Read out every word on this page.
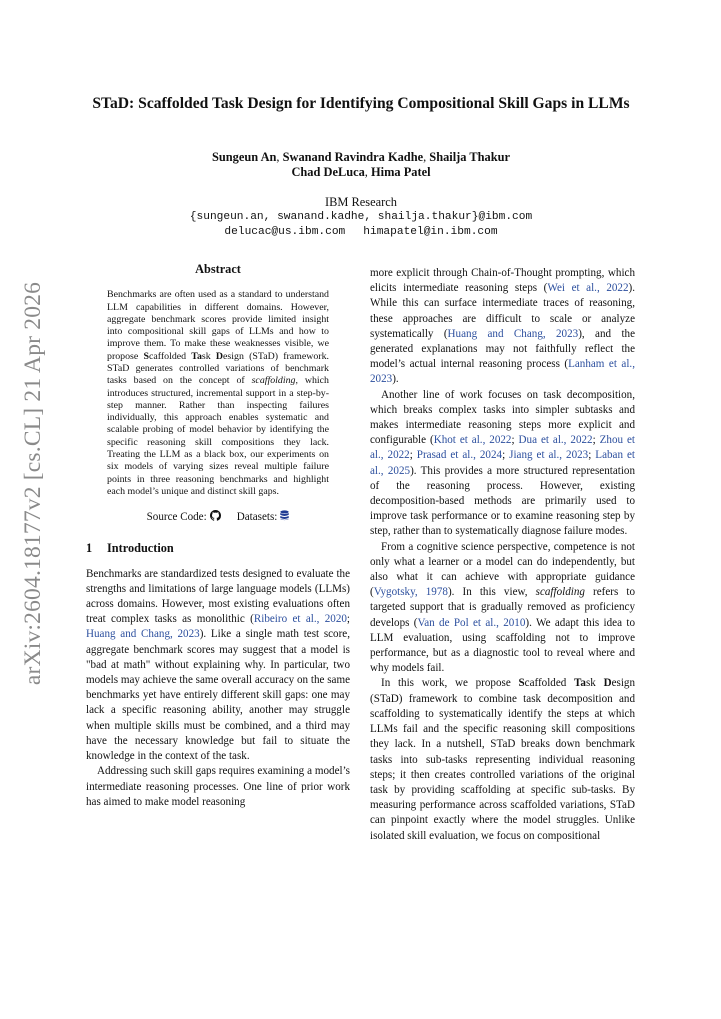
arXiv:2604.18177v2 [cs.CL] 21 Apr 2026
STaD: Scaffolded Task Design for Identifying Compositional Skill Gaps in LLMs
Sungeun An, Swanand Ravindra Kadhe, Shailja Thakur
Chad DeLuca, Hima Patel
IBM Research
{sungeun.an, swanand.kadhe, shailja.thakur}@ibm.com
delucac@us.ibm.com himapatel@in.ibm.com
Abstract
Benchmarks are often used as a standard to understand LLM capabilities in different domains. However, aggregate benchmark scores provide limited insight into compositional skill gaps of LLMs and how to improve them. To make these weaknesses visible, we propose Scaffolded Task Design (STaD) framework. STaD generates controlled variations of benchmark tasks based on the concept of scaffolding, which introduces structured, incremental support in a step-by-step manner. Rather than inspecting failures individually, this approach enables systematic and scalable probing of model behavior by identifying the specific reasoning skill compositions they lack. Treating the LLM as a black box, our experiments on six models of varying sizes reveal multiple failure points in three reasoning benchmarks and highlight each model’s unique and distinct skill gaps.
Source Code:	Datasets:
1 Introduction

Benchmarks are standardized tests designed to evaluate the strengths and limitations of large language models (LLMs) across domains. However, most existing evaluations often treat complex tasks as monolithic (Ribeiro et al., 2020; Huang and Chang, 2023). Like a single math test score, aggregate benchmark scores may suggest that a model is "bad at math" without explaining why. In particular, two models may achieve the same overall accuracy on the same benchmarks yet have entirely different skill gaps: one may lack a specific reasoning ability, another may struggle when multiple skills must be combined, and a third may have the necessary knowledge but fail to situate the knowledge in the context of the task.

Addressing such skill gaps requires examining a model’s intermediate reasoning processes. One line of prior work has aimed to make model reasoning

more explicit through Chain-of-Thought prompting, which elicits intermediate reasoning steps (Wei et al., 2022). While this can surface intermediate traces of reasoning, these approaches are difficult to scale or analyze systematically (Huang and Chang, 2023), and the generated explanations may not faithfully reflect the model’s actual internal reasoning process (Lanham et al., 2023).

Another line of work focuses on task decomposition, which breaks complex tasks into simpler subtasks and makes intermediate reasoning steps more explicit and configurable (Khot et al., 2022; Dua et al., 2022; Zhou et al., 2022; Prasad et al., 2024; Jiang et al., 2023; Laban et al., 2025). This provides a more structured representation of the reasoning process. However, existing decomposition-based methods are primarily used to improve task performance or to examine reasoning step by step, rather than to systematically diagnose failure modes.

From a cognitive science perspective, competence is not only what a learner or a model can do independently, but also what it can achieve with appropriate guidance (Vygotsky, 1978). In this view, scaffolding refers to targeted support that is gradually removed as proficiency develops (Van de Pol et al., 2010). We adapt this idea to LLM evaluation, using scaffolding not to improve performance, but as a diagnostic tool to reveal where and why models fail.

In this work, we propose Scaffolded Task Design (STaD) framework to combine task decomposition and scaffolding to systematically identify the steps at which LLMs fail and the specific reasoning skill compositions they lack. In a nutshell, STaD breaks down benchmark tasks into sub-tasks representing individual reasoning steps; it then creates controlled variations of the original task by providing scaffolding at specific sub-tasks. By measuring performance across scaffolded variations, STaD can pinpoint exactly where the model struggles. Unlike isolated skill evaluation, we focus on compositional
